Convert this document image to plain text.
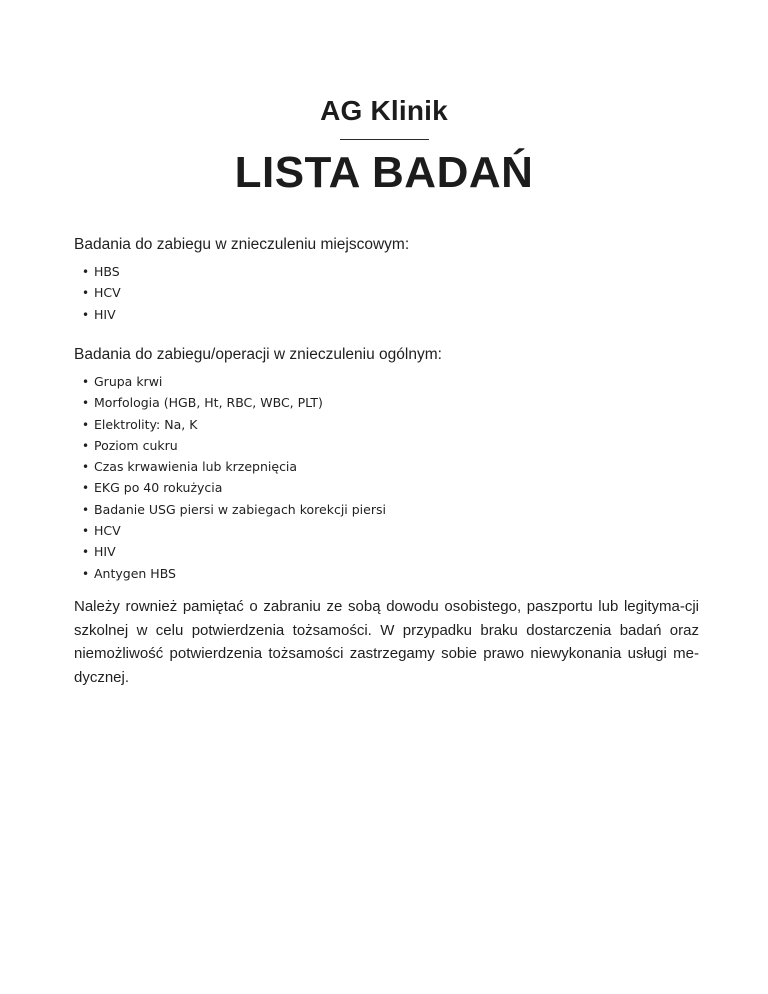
AG Klinik
LISTA BADAŃ
Badania do zabiegu w znieczuleniu miejscowym:
• HBS
• HCV
• HIV
Badania do zabiegu/operacji w znieczuleniu ogólnym:
• Grupa krwi
• Morfologia (HGB, Ht, RBC, WBC, PLT)
• Elektrolity: Na, K
• Poziom cukru
• Czas krwawienia lub krzepnięcia
• EKG po 40 rokużycia
• Badanie USG piersi w zabiegach korekcji piersi
• HCV
• HIV
• Antygen HBS
Należy rownież pamiętać o zabraniu ze sobą dowodu osobistego, paszportu lub legityma-cji szkolnej w celu potwierdzenia tożsamości. W przypadku braku dostarczenia badań oraz niemożliwość potwierdzenia tożsamości zastrzegamy sobie prawo niewykonania usługi me-dycznej.
